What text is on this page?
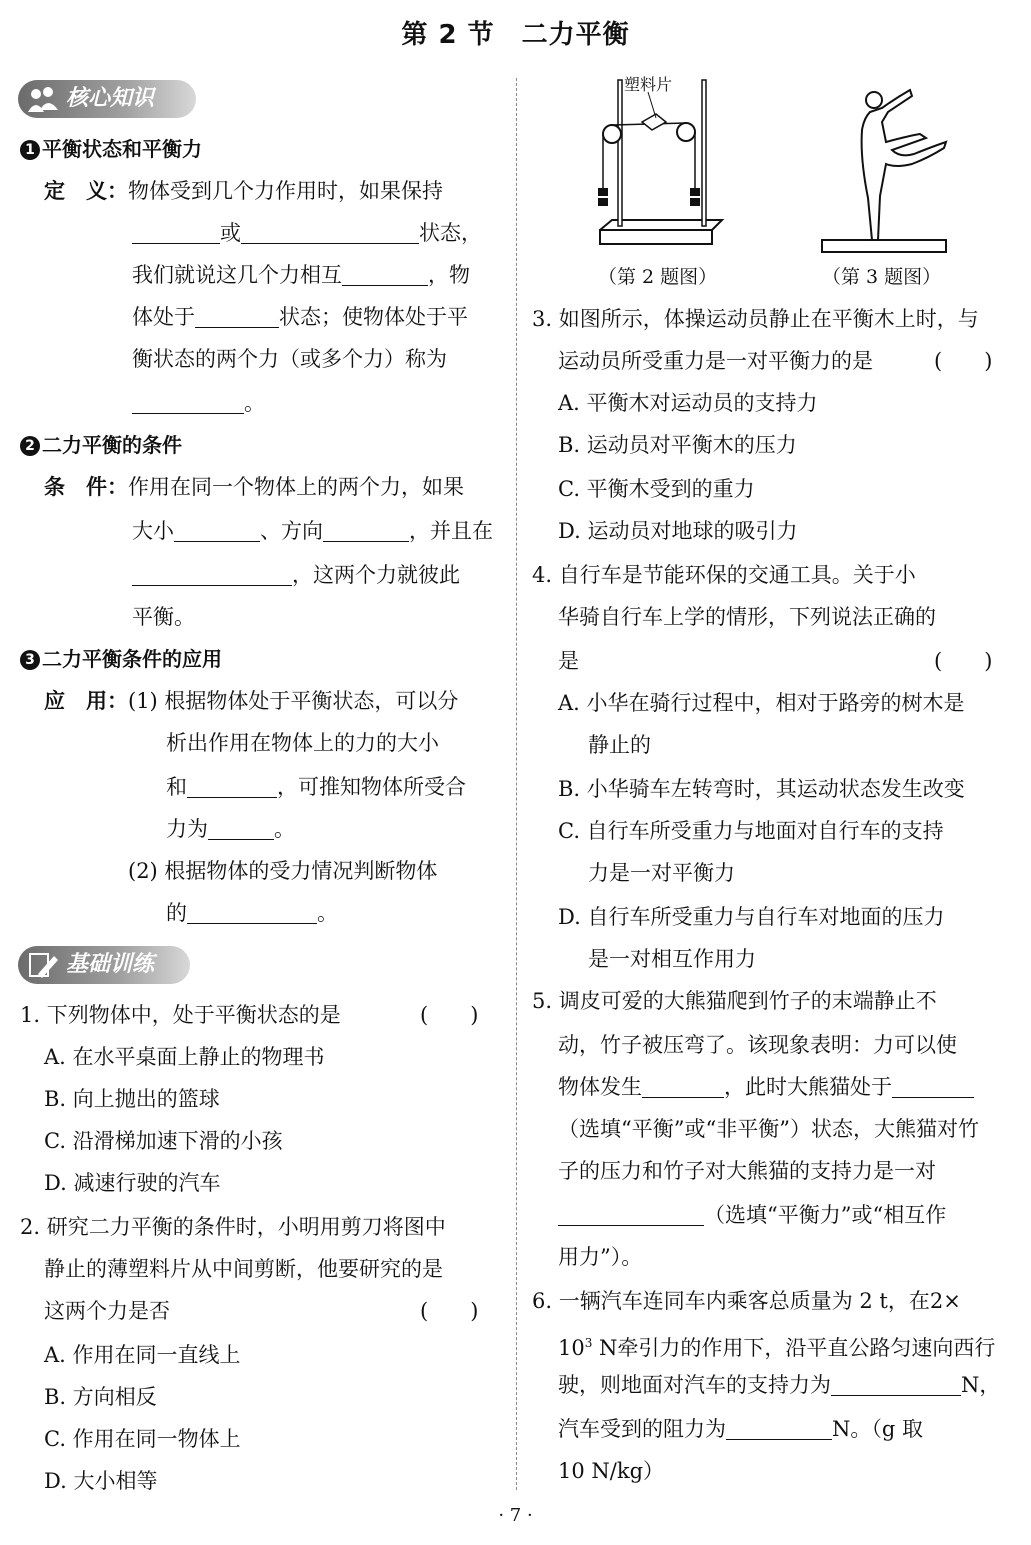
第 2 节　二力平衡
核心知识
1 平衡状态和平衡力
定　义：物体受到几个力作用时，如果保持
或	状态，
我们就说这几个力相互	，物
体处于	状态；使物体处于平
衡状态的两个力（或多个力）称为
。
2 二力平衡的条件
条　件：作用在同一个物体上的两个力，如果
大小	、方向	，并且在
，这两个力就彼此
平衡。
3 二力平衡条件的应用
应　用：(1) 根据物体处于平衡状态，可以分
析出作用在物体上的力的大小
和	，可推知物体所受合
力为	。
(2) 根据物体的受力情况判断物体
的	。
基础训练
1. 下列物体中，处于平衡状态的是	(　　)
A. 在水平桌面上静止的物理书
B. 向上抛出的篮球
C. 沿滑梯加速下滑的小孩
D. 减速行驶的汽车
2. 研究二力平衡的条件时，小明用剪刀将图中
静止的薄塑料片从中间剪断，他要研究的是
这两个力是否	(　　)
A. 作用在同一直线上
B. 方向相反
C. 作用在同一物体上
D. 大小相等
塑料片
（第 2 题图）	（第 3 题图）
3. 如图所示，体操运动员静止在平衡木上时，与
运动员所受重力是一对平衡力的是	(　　)
A. 平衡木对运动员的支持力
B. 运动员对平衡木的压力
C. 平衡木受到的重力
D. 运动员对地球的吸引力
4. 自行车是节能环保的交通工具。关于小
华骑自行车上学的情形，下列说法正确的
是	(　　)
A. 小华在骑行过程中，相对于路旁的树木是
静止的
B. 小华骑车左转弯时，其运动状态发生改变
C. 自行车所受重力与地面对自行车的支持
力是一对平衡力
D. 自行车所受重力与自行车对地面的压力
是一对相互作用力
5. 调皮可爱的大熊猫爬到竹子的末端静止不
动，竹子被压弯了。该现象表明：力可以使
物体发生	，此时大熊猫处于
（选填“平衡”或“非平衡”）状态，大熊猫对竹
子的压力和竹子对大熊猫的支持力是一对
（选填“平衡力”或“相互作
用力”）。
6. 一辆汽车连同车内乘客总质量为 2 t，在2×
$10^3$ N牵引力的作用下，沿平直公路匀速向西行
驶，则地面对汽车的支持力为	N，
汽车受到的阻力为	N。（g 取
10 N/kg）
· 7 ·
